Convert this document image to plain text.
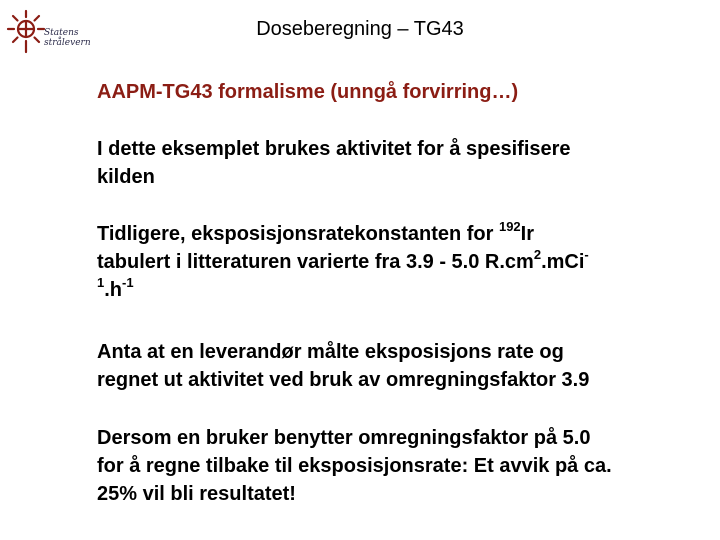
Statens
strålevern
Doseberegning – TG43
AAPM-TG43 formalisme (unngå forvirring…)
I dette eksemplet brukes aktivitet for å spesifisere
kilden
Tidligere, eksposisjonsratekonstanten for $^{192}$Ir
tabulert i litteraturen varierte fra 3.9 - 5.0 $R.cm^2.mCi^-$
$^1.h^{-1}$
Anta at en leverandør målte eksposisjons rate og
regnet ut aktivitet ved bruk av omregningsfaktor 3.9
Dersom en bruker benytter omregningsfaktor på 5.0
for å regne tilbake til eksposisjonsrate: Et avvik på ca.
25% vil bli resultatet!
